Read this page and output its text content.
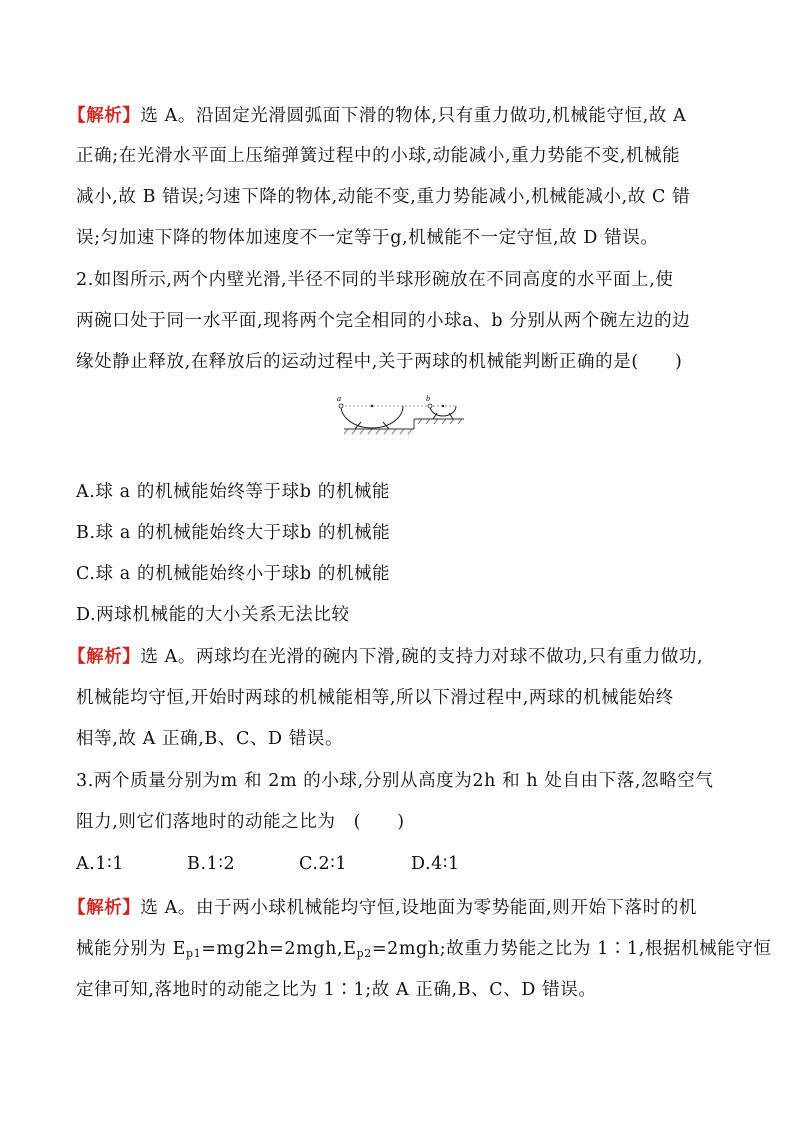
【解析】选 A。沿固定光滑圆弧面下滑的物体,只有重力做功,机械能守恒,故 A
正确;在光滑水平面上压缩弹簧过程中的小球,动能减小,重力势能不变,机械能
减小,故 B 错误;匀速下降的物体,动能不变,重力势能减小,机械能减小,故 C 错
误;匀加速下降的物体加速度不一定等于g,机械能不一定守恒,故 D 错误。
2.如图所示,两个内壁光滑,半径不同的半球形碗放在不同高度的水平面上,使
两碗口处于同一水平面,现将两个完全相同的小球a、b 分别从两个碗左边的边
缘处静止释放,在释放后的运动过程中,关于两球的机械能判断正确的是(　　)
a	b
A.球 a 的机械能始终等于球b 的机械能
B.球 a 的机械能始终大于球b 的机械能
C.球 a 的机械能始终小于球b 的机械能
D.两球机械能的大小关系无法比较
【解析】选 A。两球均在光滑的碗内下滑,碗的支持力对球不做功,只有重力做功,
机械能均守恒,开始时两球的机械能相等,所以下滑过程中,两球的机械能始终
相等,故 A 正确,B、C、D 错误。
3.两个质量分别为m 和 2m 的小球,分别从高度为2h 和 h 处自由下落,忽略空气
阻力,则它们落地时的动能之比为　(　　)
A.1∶1	B.1∶2	C.2∶1	D.4∶1
【解析】选 A。由于两小球机械能均守恒,设地面为零势能面,则开始下落时的机
械能分别为 $E_{p1}=mg2h=2mgh,E_{p2}=2mgh$;故重力势能之比为 1∶1,根据机械能守恒
定律可知,落地时的动能之比为 1∶1;故 A 正确,B、C、D 错误。
